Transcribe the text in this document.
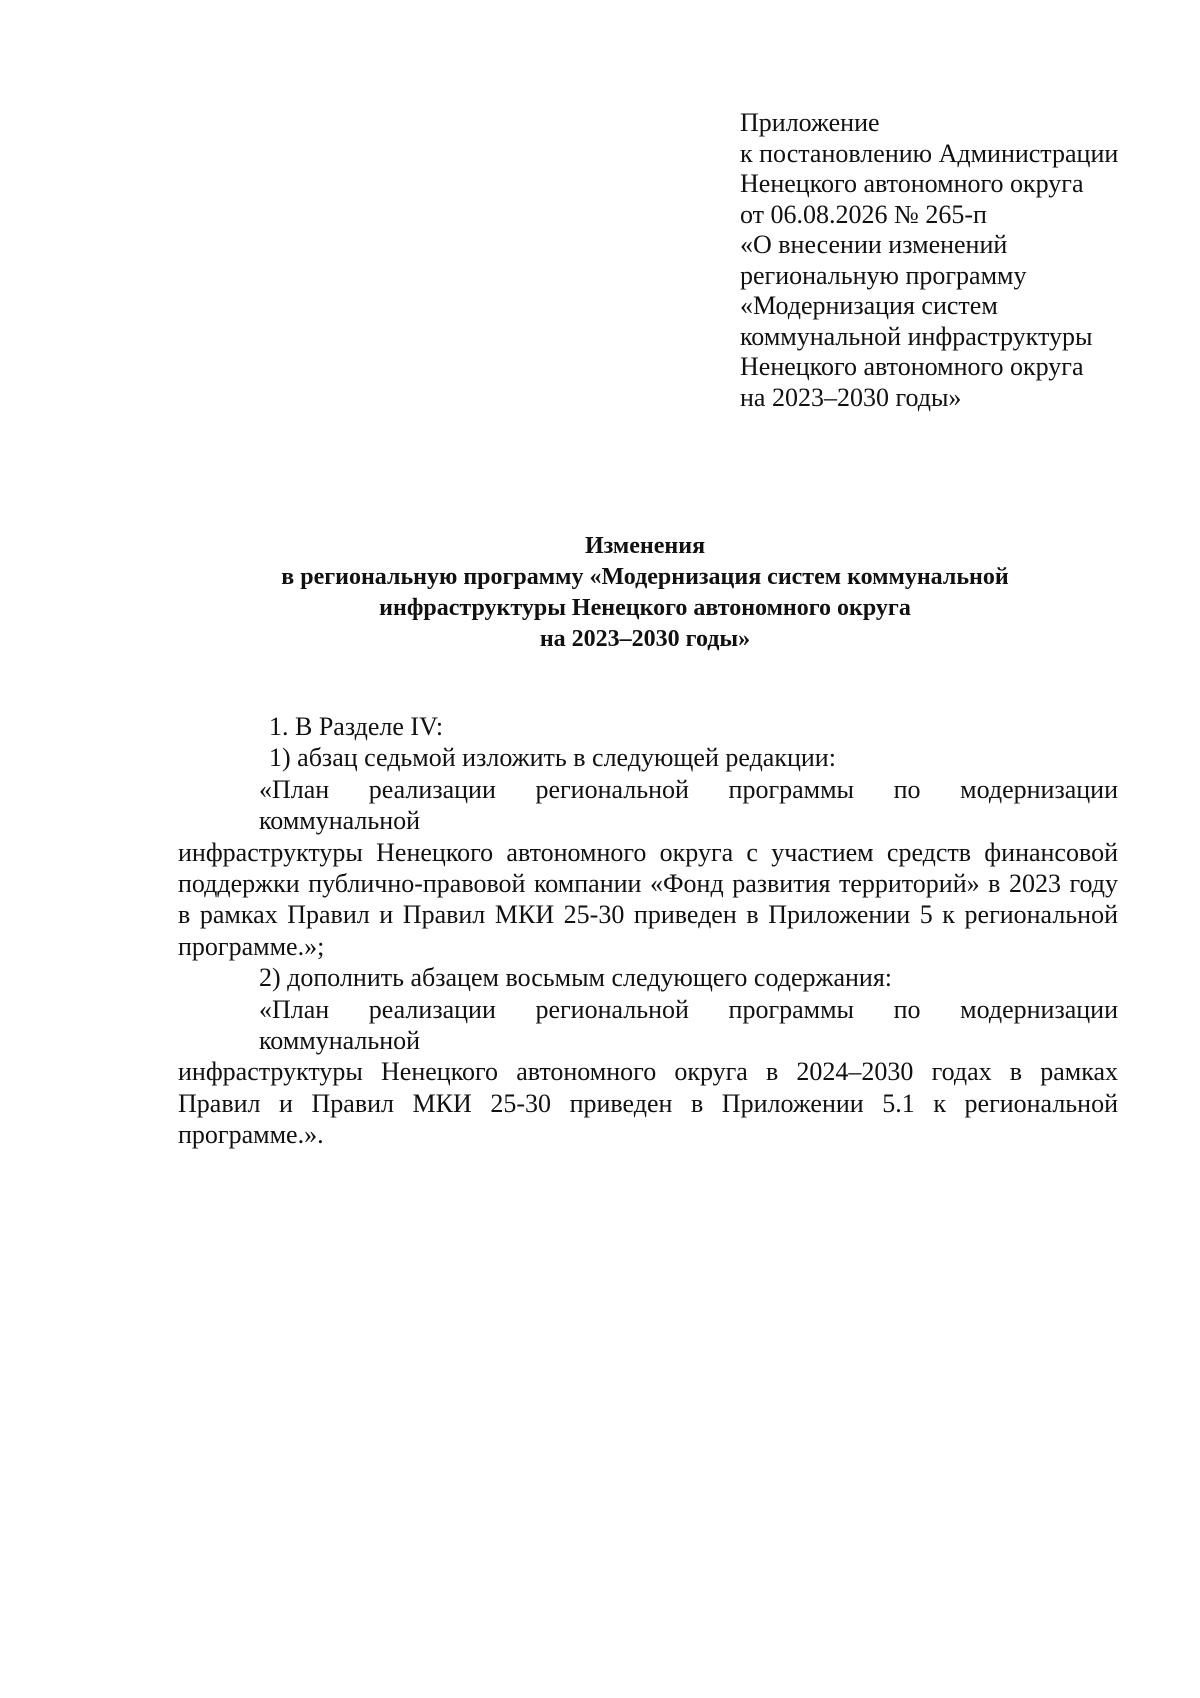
Приложение
к постановлению Администрации
Ненецкого автономного округа
от 06.08.2026 № 265-п
«О внесении изменений
региональную программу
«Модернизация систем
коммунальной инфраструктуры
Ненецкого автономного округа
на 2023–2030 годы»
Изменения
в региональную программу «Модернизация систем коммунальной
инфраструктуры Ненецкого автономного округа
на 2023–2030 годы»
1. В Разделе IV:
1) абзац седьмой изложить в следующей редакции:
«План реализации региональной программы по модернизации коммунальной
инфраструктуры Ненецкого автономного округа с участием средств финансовой
поддержки публично-правовой компании «Фонд развития территорий» в 2023 году
в рамках Правил и Правил МКИ 25-30 приведен в Приложении 5 к региональной
программе.»;
2) дополнить абзацем восьмым следующего содержания:
«План реализации региональной программы по модернизации коммунальной
инфраструктуры Ненецкого автономного округа в 2024–2030 годах в рамках
Правил и Правил МКИ 25-30 приведен в Приложении 5.1 к региональной
программе.».
